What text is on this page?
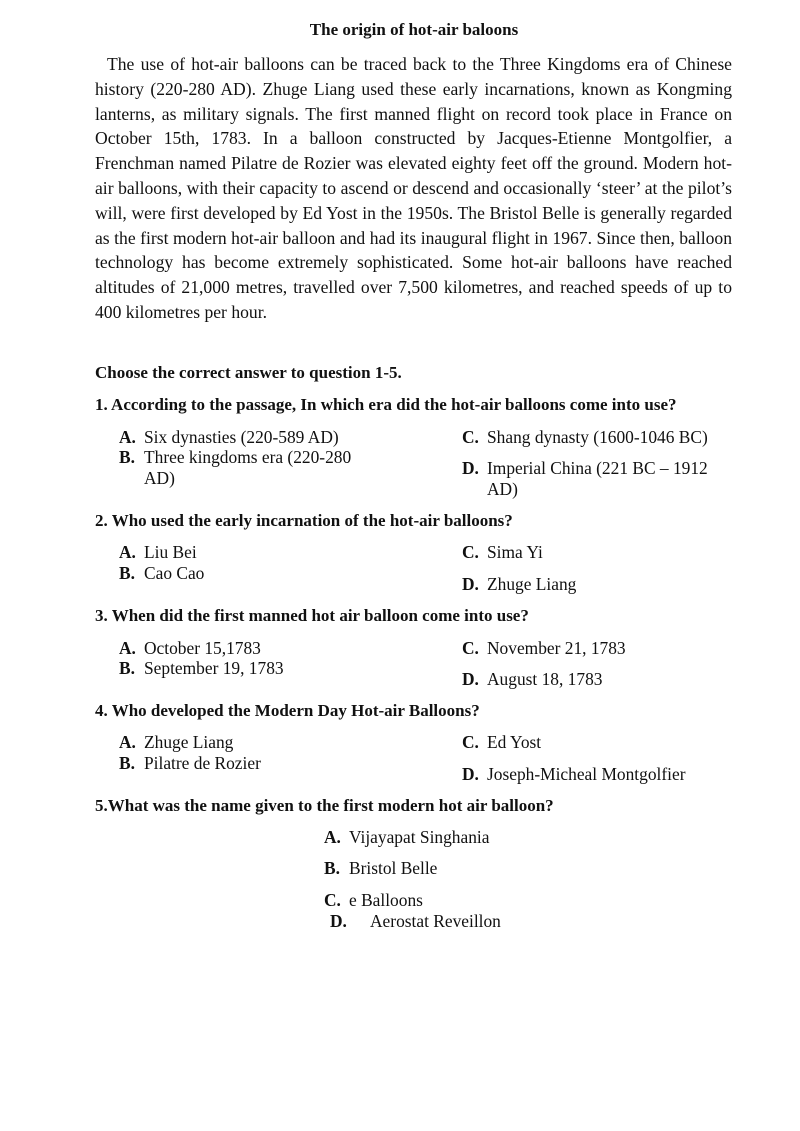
The origin of hot-air baloons

The use of hot-air balloons can be traced back to the Three Kingdoms era of Chinese history (220-280 AD). Zhuge Liang used these early incarnations, known as Kongming lanterns, as military signals. The first manned flight on record took place in France on October 15th, 1783. In a balloon constructed by Jacques-Etienne Montgolfier, a Frenchman named Pilatre de Rozier was elevated eighty feet off the ground. Modern hot-air balloons, with their capacity to ascend or descend and occasionally ‘steer’ at the pilot’s will, were first developed by Ed Yost in the 1950s. The Bristol Belle is generally regarded as the first modern hot-air balloon and had its inaugural flight in 1967. Since then, balloon technology has become extremely sophisticated. Some hot-air balloons have reached altitudes of 21,000 metres, travelled over 7,500 kilometres, and reached speeds of up to 400 kilometres per hour.

Choose the correct answer to question 1-5.

1. According to the passage, In which era did the hot-air balloons come into use?

A. Six dynasties (220-589 AD)
B. Three kingdoms era (220-280 AD)
C. Shang dynasty (1600-1046 BC)
D. Imperial China (221 BC – 1912 AD)

2. Who used the early incarnation of the hot-air balloons?

A. Liu Bei
B. Cao Cao
C. Sima Yi
D. Zhuge Liang

3. When did the first manned hot air balloon come into use?

A. October 15,1783
B. September 19, 1783
C. November 21, 1783
D. August 18, 1783

4. Who developed the Modern Day Hot-air Balloons?

A. Zhuge Liang
B. Pilatre de Rozier
C. Ed Yost
D. Joseph-Micheal Montgolfier

5.What was the name given to the first modern hot air balloon?

A. Vijayapat Singhania
B. Bristol Belle
C. e Balloons
D. Aerostat Reveillon
